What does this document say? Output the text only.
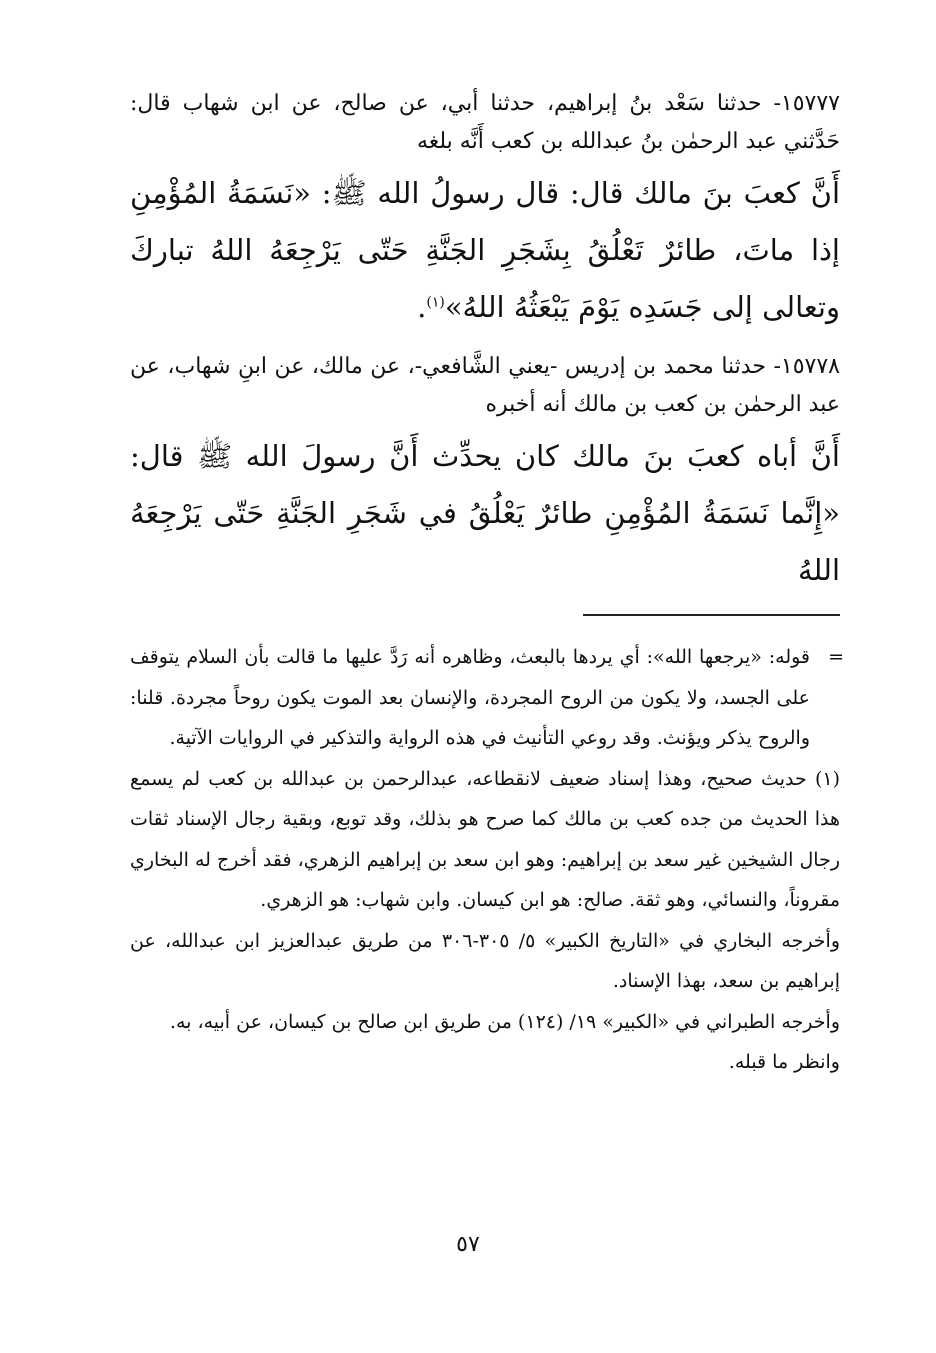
١٥٧٧٧- حدثنا سَعْد بنُ إبراهيم، حدثنا أبي، عن صالح، عن ابن شهاب قال: حَدَّثني عبد الرحمٰن بنُ عبدالله بن كعب أَنَّه بلغه

أَنَّ كعبَ بنَ مالك قال: قال رسولُ الله ﷺ: «نَسَمَةُ المُؤْمِنِ إذا ماتَ، طائرٌ تَعْلُقُ بِشَجَرِ الجَنَّةِ حَتّى يَرْجِعَهُ اللهُ تباركَ وتعالى إلى جَسَدِه يَوْمَ يَبْعَثُهُ اللهُ»$^{(١)}$.

١٥٧٧٨- حدثنا محمد بن إدريس -يعني الشَّافعي-، عن مالك، عن ابنِ شهاب، عن عبد الرحمٰن بن كعب بن مالك أنه أخبره

أَنَّ أباه كعبَ بنَ مالك كان يحدِّث أَنَّ رسولَ الله ﷺ قال: «إِنَّما نَسَمَةُ المُؤْمِنِ طائرٌ يَعْلُقُ في شَجَرِ الجَنَّةِ حَتّى يَرْجِعَهُ اللهُ

=

قوله: «يرجعها الله»: أي يردها بالبعث، وظاهره أنه رَدَّ عليها ما قالت بأن السلام يتوقف على الجسد، ولا يكون من الروح المجردة، والإنسان بعد الموت يكون روحاً مجردة. قلنا: والروح يذكر ويؤنث. وقد روعي التأنيث في هذه الرواية والتذكير في الروايات الآتية.

(١) حديث صحيح، وهذا إسناد ضعيف لانقطاعه، عبدالرحمن بن عبدالله بن كعب لم يسمع هذا الحديث من جده كعب بن مالك كما صرح هو بذلك، وقد توبع، وبقية رجال الإسناد ثقات رجال الشيخين غير سعد بن إبراهيم: وهو ابن سعد بن إبراهيم الزهري، فقد أخرج له البخاري مقروناً، والنسائي، وهو ثقة. صالح: هو ابن كيسان. وابن شهاب: هو الزهري.

وأخرجه البخاري في «التاريخ الكبير» ٥/ ٣٠٥-٣٠٦ من طريق عبدالعزيز ابن عبدالله، عن إبراهيم بن سعد، بهذا الإسناد.

وأخرجه الطبراني في «الكبير» ١٩/ (١٢٤) من طريق ابن صالح بن كيسان، عن أبيه، به.

وانظر ما قبله.

٥٧
